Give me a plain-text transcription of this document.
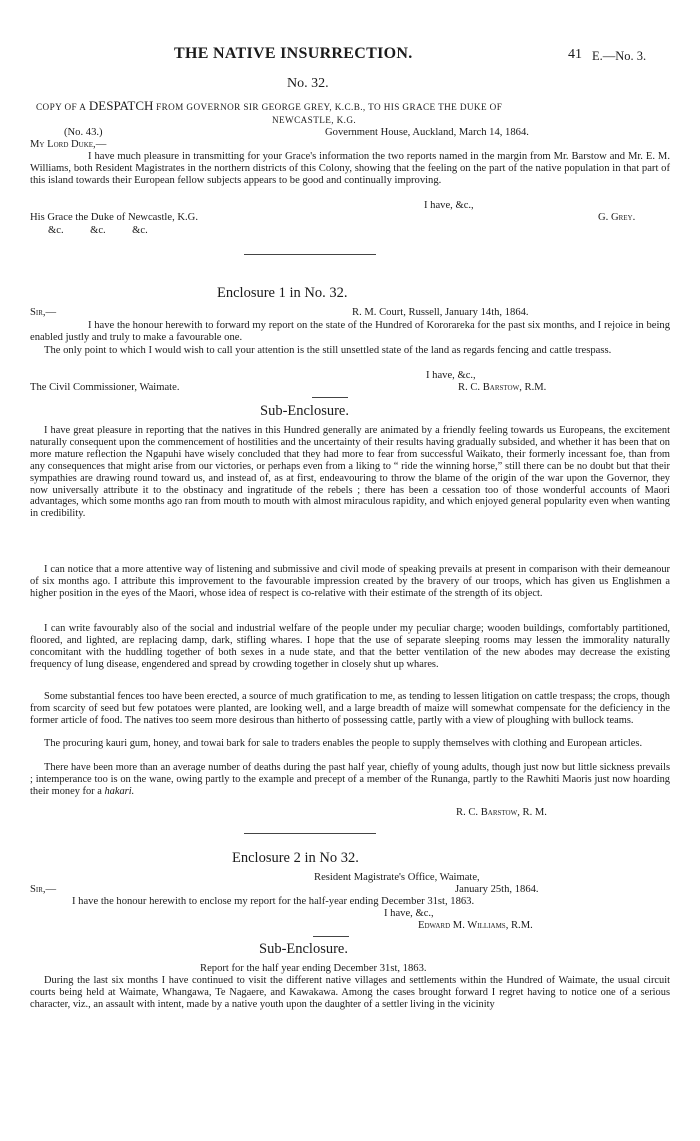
THE NATIVE INSURRECTION.	41 E.—No. 3.
No. 32.
COPY OF A DESPATCH FROM GOVERNOR SIR GEORGE GREY, K.C.B., TO HIS GRACE THE DUKE OF
NEWCASTLE, K.G.
(No. 43.)	Government House, Auckland, March 14, 1864.
My Lord Duke,—
I have much pleasure in transmitting for your Grace's information the two reports named in the margin from Mr. Barstow and Mr. E. M. Williams, both Resident Magistrates in the northern districts of this Colony, showing that the feeling on the part of the native population in that part of this island towards their European fellow subjects appears to be good and continually improving.
I have, &c.,
His Grace the Duke of Newcastle, K.G.	G. Grey.
&c.          &c.          &c.
Enclosure 1 in No. 32.
Sir,—	R. M. Court, Russell, January 14th, 1864.
I have the honour herewith to forward my report on the state of the Hundred of Kororareka for the past six months, and I rejoice in being enabled justly and truly to make a favourable one.
The only point to which I would wish to call your attention is the still unsettled state of the land as regards fencing and cattle trespass.
I have, &c.,
The Civil Commissioner, Waimate.	R. C. Barstow, R.M.
Sub-Enclosure.
I have great pleasure in reporting that the natives in this Hundred generally are animated by a friendly feeling towards us Europeans, the excitement naturally consequent upon the commencement of hostilities and the uncertainty of their results having gradually subsided, and whether it has been that on more mature reflection the Ngapuhi have wisely concluded that they had more to fear from successful Waikato, their formerly incessant foe, than from any consequences that might arise from our victories, or perhaps even from a liking to “ ride the winning horse,” still there can be no doubt but that their sympathies are drawing round toward us, and instead of, as at first, endeavouring to throw the blame of the origin of the war upon the Governor, they now universally attribute it to the obstinacy and ingratitude of the rebels ; there has been a cessation too of those wonderful accounts of Maori advantages, which some months ago ran from mouth to mouth with almost miraculous rapidity, and which enjoyed general popularity even when wanting in credibility.
I can notice that a more attentive way of listening and submissive and civil mode of speaking prevails at present in comparison with their demeanour of six months ago. I attribute this improvement to the favourable impression created by the bravery of our troops, which has given us Englishmen a higher position in the eyes of the Maori, whose idea of respect is co-relative with their estimate of the strength of its object.
I can write favourably also of the social and industrial welfare of the people under my peculiar charge; wooden buildings, comfortably partitioned, floored, and lighted, are replacing damp, dark, stifling whares. I hope that the use of separate sleeping rooms may lessen the immorality naturally concomitant with the huddling together of both sexes in a nude state, and that the better ventilation of the new abodes may decrease the existing frequency of lung disease, engendered and spread by crowding together in closely shut up whares.
Some substantial fences too have been erected, a source of much gratification to me, as tending to lessen litigation on cattle trespass; the crops, though from scarcity of seed but few potatoes were planted, are looking well, and a large breadth of maize will somewhat compensate for the deficiency in the former article of food. The natives too seem more desirous than hitherto of possessing cattle, partly with a view of ploughing with bullock teams.
The procuring kauri gum, honey, and towai bark for sale to traders enables the people to supply themselves with clothing and European articles.
There have been more than an average number of deaths during the past half year, chiefly of young adults, though just now but little sickness prevails ; intemperance too is on the wane, owing partly to the example and precept of a member of the Runanga, partly to the Rawhiti Maoris just now hoarding their money for a hakari.
R. C. Barstow, R. M.
Enclosure 2 in No 32.
Resident Magistrate's Office, Waimate,
Sir,—	January 25th, 1864.
I have the honour herewith to enclose my report for the half-year ending December 31st, 1863.
I have, &c.,
Edward M. Williams, R.M.
Sub-Enclosure.
Report for the half year ending December 31st, 1863.
During the last six months I have continued to visit the different native villages and settlements within the Hundred of Waimate, the usual circuit courts being held at Waimate, Whangawa, Te Nagaere, and Kawakawa. Among the cases brought forward I regret having to notice one of a serious character, viz., an assault with intent, made by a native youth upon the daughter of a settler living in the vicinity
